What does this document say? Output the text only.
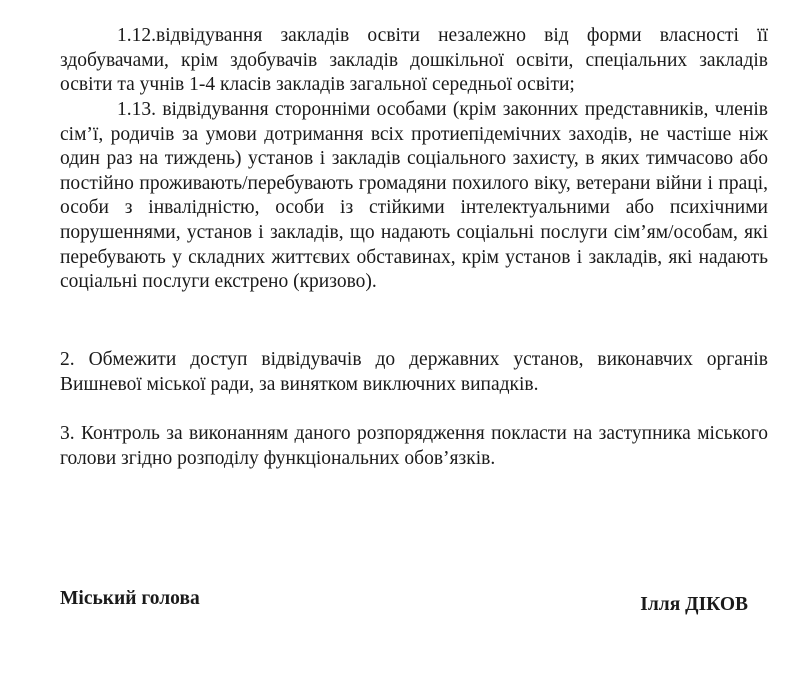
1.12.відвідування закладів освіти незалежно від форми власності її здобувачами, крім здобувачів закладів дошкільної освіти, спеціальних закладів освіти та учнів 1-4 класів закладів загальної середньої освіти;

1.13. відвідування сторонніми особами (крім законних представників, членів сім’ї, родичів за умови дотримання всіх протиепідемічних заходів, не частіше ніж один раз на тиждень) установ і закладів соціального захисту, в яких тимчасово або постійно проживають/перебувають громадяни похилого віку, ветерани війни і праці, особи з інвалідністю, особи із стійкими інтелектуальними або психічними порушеннями, установ і закладів, що надають соціальні послуги сім’ям/особам, які перебувають у складних життєвих обставинах, крім установ і закладів, які надають соціальні послуги екстрено (кризово).

2. Обмежити доступ відвідувачів до державних установ, виконавчих органів Вишневої міської ради, за винятком виключних випадків.

3. Контроль за виконанням даного розпорядження покласти на заступника міського голови згідно розподілу функціональних обов’язків.

Міський голова	Ілля ДІКОВ
